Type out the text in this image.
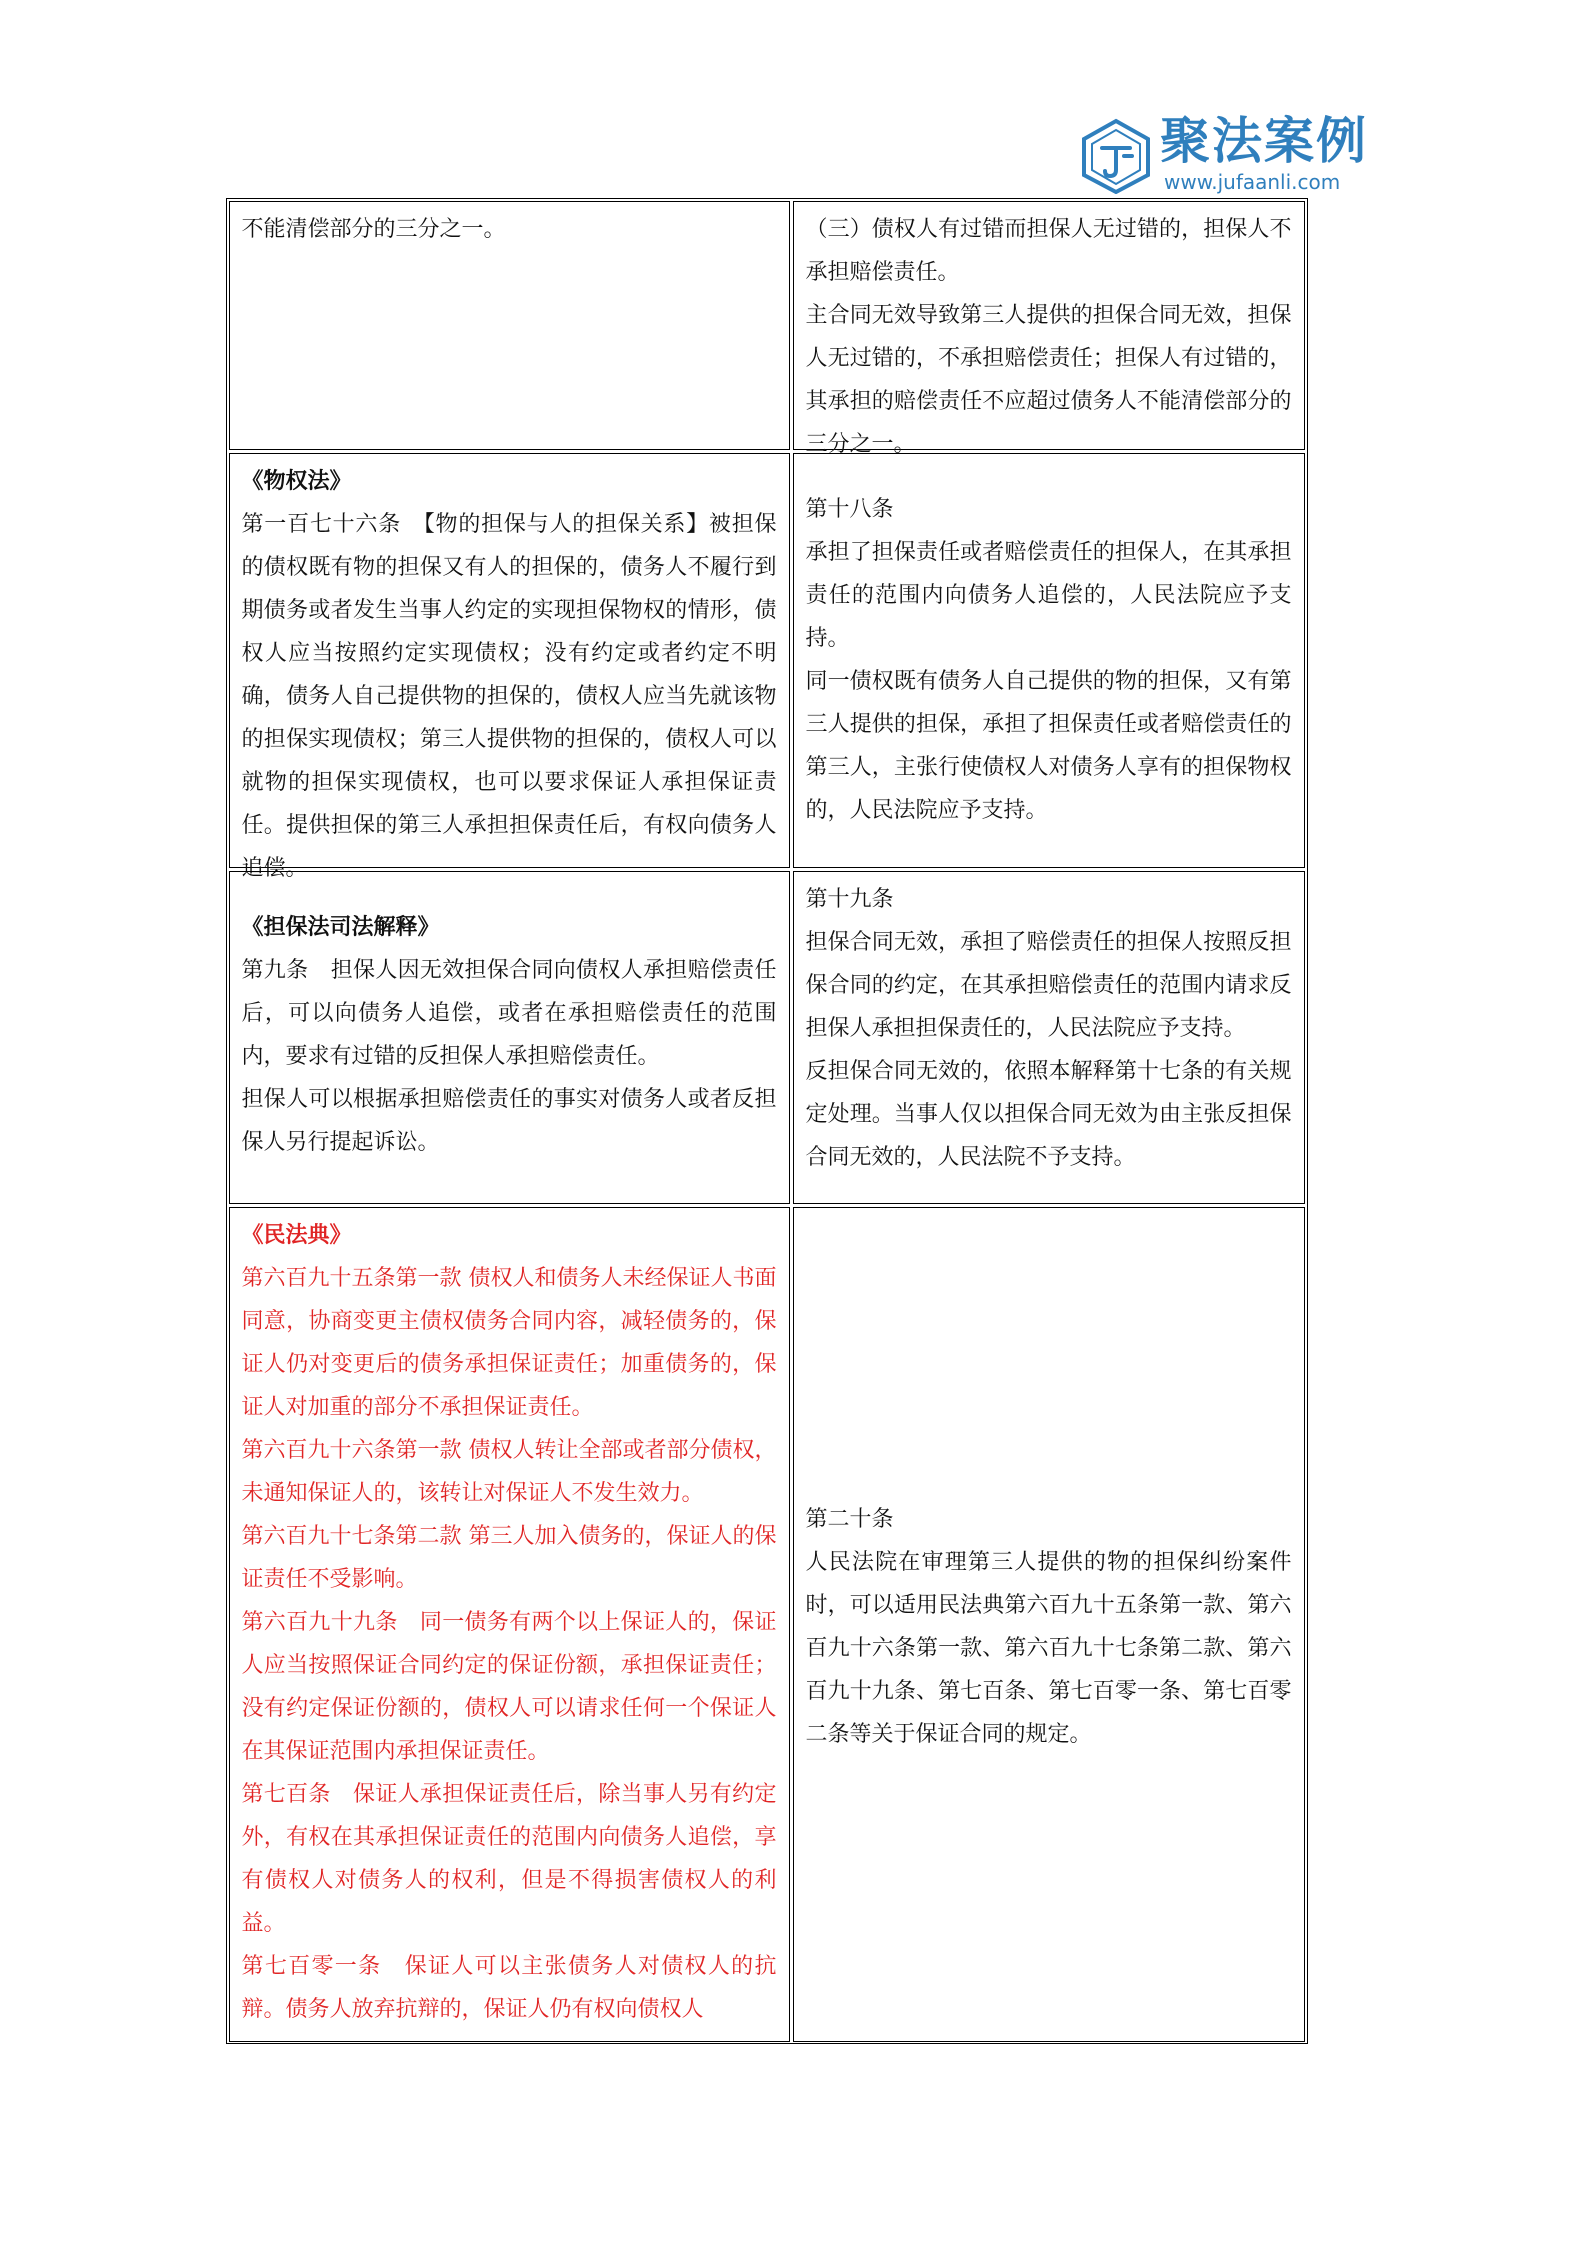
聚法案例
www.jufaanli.com

不能清偿部分的三分之一。	（三）债权人有过错而担保人无过错的，担保人不承担赔偿责任。

主合同无效导致第三人提供的担保合同无效，担保人无过错的，不承担赔偿责任；担保人有过错的，其承担的赔偿责任不应超过债务人不能清偿部分的三分之一。

《物权法》

第一百七十六条　【物的担保与人的担保关系】被担保的债权既有物的担保又有人的担保的，债务人不履行到期债务或者发生当事人约定的实现担保物权的情形，债权人应当按照约定实现债权；没有约定或者约定不明确，债务人自己提供物的担保的，债权人应当先就该物的担保实现债权；第三人提供物的担保的，债权人可以就物的担保实现债权，也可以要求保证人承担保证责任。提供担保的第三人承担担保责任后，有权向债务人追偿。

第十八条

承担了担保责任或者赔偿责任的担保人，在其承担责任的范围内向债务人追偿的，人民法院应予支持。

同一债权既有债务人自己提供的物的担保，又有第三人提供的担保，承担了担保责任或者赔偿责任的第三人，主张行使债权人对债务人享有的担保物权的，人民法院应予支持。

《担保法司法解释》

第九条　担保人因无效担保合同向债权人承担赔偿责任后，可以向债务人追偿，或者在承担赔偿责任的范围内，要求有过错的反担保人承担赔偿责任。

担保人可以根据承担赔偿责任的事实对债务人或者反担保人另行提起诉讼。

第十九条

担保合同无效，承担了赔偿责任的担保人按照反担保合同的约定，在其承担赔偿责任的范围内请求反担保人承担担保责任的，人民法院应予支持。

反担保合同无效的，依照本解释第十七条的有关规定处理。当事人仅以担保合同无效为由主张反担保合同无效的，人民法院不予支持。

《民法典》

第六百九十五条第一款 债权人和债务人未经保证人书面同意，协商变更主债权债务合同内容，减轻债务的，保证人仍对变更后的债务承担保证责任；加重债务的，保证人对加重的部分不承担保证责任。

第六百九十六条第一款 债权人转让全部或者部分债权，未通知保证人的，该转让对保证人不发生效力。

第六百九十七条第二款 第三人加入债务的，保证人的保证责任不受影响。

第六百九十九条　同一债务有两个以上保证人的，保证人应当按照保证合同约定的保证份额，承担保证责任；没有约定保证份额的，债权人可以请求任何一个保证人在其保证范围内承担保证责任。

第七百条　保证人承担保证责任后，除当事人另有约定外，有权在其承担保证责任的范围内向债务人追偿，享有债权人对债务人的权利，但是不得损害债权人的利益。

第七百零一条　保证人可以主张债务人对债权人的抗辩。债务人放弃抗辩的，保证人仍有权向债权人

第二十条

人民法院在审理第三人提供的物的担保纠纷案件时，可以适用民法典第六百九十五条第一款、第六百九十六条第一款、第六百九十七条第二款、第六百九十九条、第七百条、第七百零一条、第七百零二条等关于保证合同的规定。
